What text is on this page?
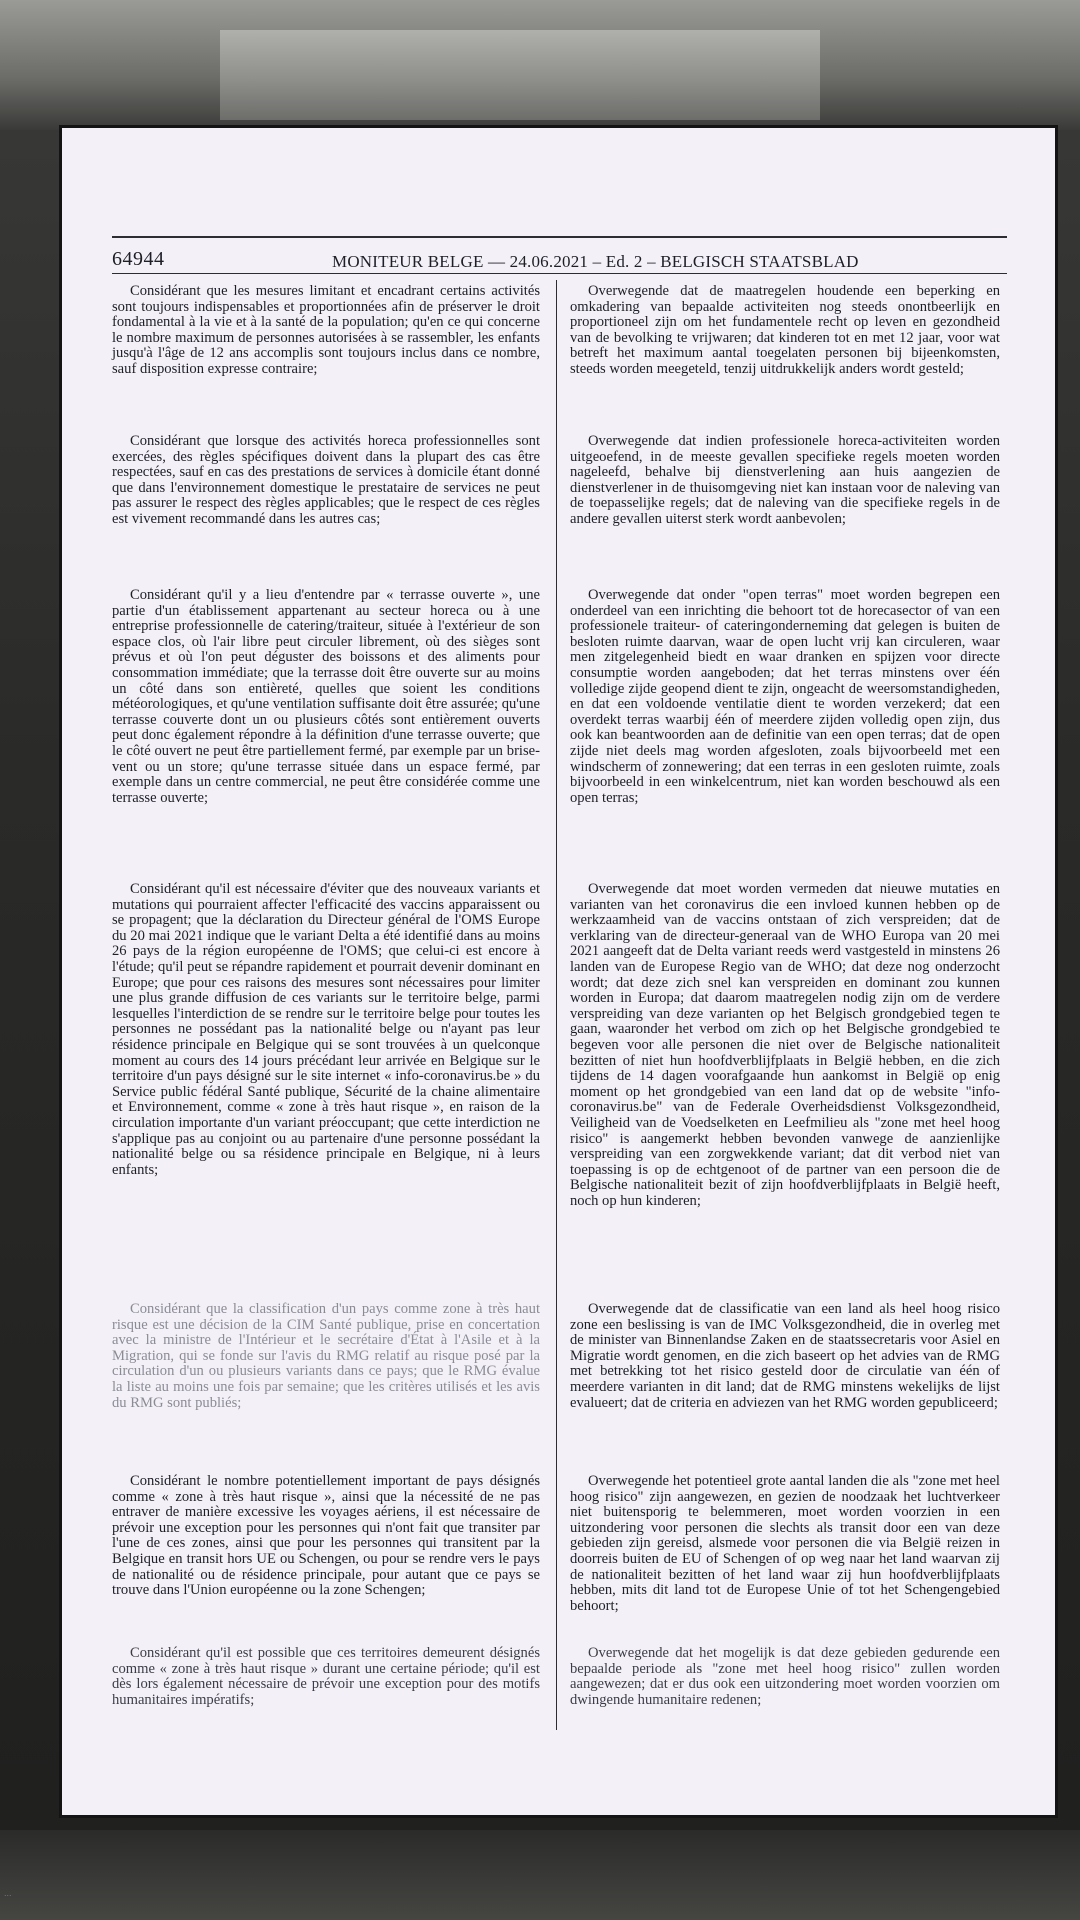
64944	MONITEUR BELGE — 24.06.2021 – Ed. 2 – BELGISCH STAATSBLAD

Considérant que les mesures limitant et encadrant certains activités sont toujours indispensables et proportionnées afin de préserver le droit fondamental à la vie et à la santé de la population; qu'en ce qui concerne le nombre maximum de personnes autorisées à se rassembler, les enfants jusqu'à l'âge de 12 ans accomplis sont toujours inclus dans ce nombre, sauf disposition expresse contraire;

Considérant que lorsque des activités horeca professionnelles sont exercées, des règles spécifiques doivent dans la plupart des cas être respectées, sauf en cas des prestations de services à domicile étant donné que dans l'environnement domestique le prestataire de services ne peut pas assurer le respect des règles applicables; que le respect de ces règles est vivement recommandé dans les autres cas;

Considérant qu'il y a lieu d'entendre par « terrasse ouverte », une partie d'un établissement appartenant au secteur horeca ou à une entreprise professionnelle de catering/traiteur, située à l'extérieur de son espace clos, où l'air libre peut circuler librement, où des sièges sont prévus et où l'on peut déguster des boissons et des aliments pour consommation immédiate; que la terrasse doit être ouverte sur au moins un côté dans son entièreté, quelles que soient les conditions météorologiques, et qu'une ventilation suffisante doit être assurée; qu'une terrasse couverte dont un ou plusieurs côtés sont entièrement ouverts peut donc également répondre à la définition d'une terrasse ouverte; que le côté ouvert ne peut être partiellement fermé, par exemple par un brise-vent ou un store; qu'une terrasse située dans un espace fermé, par exemple dans un centre commercial, ne peut être considérée comme une terrasse ouverte;

Considérant qu'il est nécessaire d'éviter que des nouveaux variants et mutations qui pourraient affecter l'efficacité des vaccins apparaissent ou se propagent; que la déclaration du Directeur général de l'OMS Europe du 20 mai 2021 indique que le variant Delta a été identifié dans au moins 26 pays de la région européenne de l'OMS; que celui-ci est encore à l'étude; qu'il peut se répandre rapidement et pourrait devenir dominant en Europe; que pour ces raisons des mesures sont nécessaires pour limiter une plus grande diffusion de ces variants sur le territoire belge, parmi lesquelles l'interdiction de se rendre sur le territoire belge pour toutes les personnes ne possédant pas la nationalité belge ou n'ayant pas leur résidence principale en Belgique qui se sont trouvées à un quelconque moment au cours des 14 jours précédant leur arrivée en Belgique sur le territoire d'un pays désigné sur le site internet « info-coronavirus.be » du Service public fédéral Santé publique, Sécurité de la chaine alimentaire et Environnement, comme « zone à très haut risque », en raison de la circulation importante d'un variant préoccupant; que cette interdiction ne s'applique pas au conjoint ou au partenaire d'une personne possédant la nationalité belge ou sa résidence principale en Belgique, ni à leurs enfants;

Considérant que la classification d'un pays comme zone à très haut risque est une décision de la CIM Santé publique, prise en concertation avec la ministre de l'Intérieur et le secrétaire d'État à l'Asile et à la Migration, qui se fonde sur l'avis du RMG relatif au risque posé par la circulation d'un ou plusieurs variants dans ce pays; que le RMG évalue la liste au moins une fois par semaine; que les critères utilisés et les avis du RMG sont publiés;

Considérant le nombre potentiellement important de pays désignés comme « zone à très haut risque », ainsi que la nécessité de ne pas entraver de manière excessive les voyages aériens, il est nécessaire de prévoir une exception pour les personnes qui n'ont fait que transiter par l'une de ces zones, ainsi que pour les personnes qui transitent par la Belgique en transit hors UE ou Schengen, ou pour se rendre vers le pays de nationalité ou de résidence principale, pour autant que ce pays se trouve dans l'Union européenne ou la zone Schengen;

Considérant qu'il est possible que ces territoires demeurent désignés comme « zone à très haut risque » durant une certaine période; qu'il est dès lors également nécessaire de prévoir une exception pour des motifs humanitaires impératifs;

Overwegende dat de maatregelen houdende een beperking en omkadering van bepaalde activiteiten nog steeds onontbeerlijk en proportioneel zijn om het fundamentele recht op leven en gezondheid van de bevolking te vrijwaren; dat kinderen tot en met 12 jaar, voor wat betreft het maximum aantal toegelaten personen bij bijeenkomsten, steeds worden meegeteld, tenzij uitdrukkelijk anders wordt gesteld;

Overwegende dat indien professionele horeca-activiteiten worden uitgeoefend, in de meeste gevallen specifieke regels moeten worden nageleefd, behalve bij dienstverlening aan huis aangezien de dienstverlener in de thuisomgeving niet kan instaan voor de naleving van de toepasselijke regels; dat de naleving van die specifieke regels in de andere gevallen uiterst sterk wordt aanbevolen;

Overwegende dat onder "open terras" moet worden begrepen een onderdeel van een inrichting die behoort tot de horecasector of van een professionele traiteur- of cateringonderneming dat gelegen is buiten de besloten ruimte daarvan, waar de open lucht vrij kan circuleren, waar men zitgelegenheid biedt en waar dranken en spijzen voor directe consumptie worden aangeboden; dat het terras minstens over één volledige zijde geopend dient te zijn, ongeacht de weersomstandigheden, en dat een voldoende ventilatie dient te worden verzekerd; dat een overdekt terras waarbij één of meerdere zijden volledig open zijn, dus ook kan beantwoorden aan de definitie van een open terras; dat de open zijde niet deels mag worden afgesloten, zoals bijvoorbeeld met een windscherm of zonnewering; dat een terras in een gesloten ruimte, zoals bijvoorbeeld in een winkelcentrum, niet kan worden beschouwd als een open terras;

Overwegende dat moet worden vermeden dat nieuwe mutaties en varianten van het coronavirus die een invloed kunnen hebben op de werkzaamheid van de vaccins ontstaan of zich verspreiden; dat de verklaring van de directeur-generaal van de WHO Europa van 20 mei 2021 aangeeft dat de Delta variant reeds werd vastgesteld in minstens 26 landen van de Europese Regio van de WHO; dat deze nog onderzocht wordt; dat deze zich snel kan verspreiden en dominant zou kunnen worden in Europa; dat daarom maatregelen nodig zijn om de verdere verspreiding van deze varianten op het Belgisch grondgebied tegen te gaan, waaronder het verbod om zich op het Belgische grondgebied te begeven voor alle personen die niet over de Belgische nationaliteit bezitten of niet hun hoofdverblijfplaats in België hebben, en die zich tijdens de 14 dagen voorafgaande hun aankomst in België op enig moment op het grondgebied van een land dat op de website "info-coronavirus.be" van de Federale Overheidsdienst Volksgezondheid, Veiligheid van de Voedselketen en Leefmilieu als "zone met heel hoog risico" is aangemerkt hebben bevonden vanwege de aanzienlijke verspreiding van een zorgwekkende variant; dat dit verbod niet van toepassing is op de echtgenoot of de partner van een persoon die de Belgische nationaliteit bezit of zijn hoofdverblijfplaats in België heeft, noch op hun kinderen;

Overwegende dat de classificatie van een land als heel hoog risico zone een beslissing is van de IMC Volksgezondheid, die in overleg met de minister van Binnenlandse Zaken en de staatssecretaris voor Asiel en Migratie wordt genomen, en die zich baseert op het advies van de RMG met betrekking tot het risico gesteld door de circulatie van één of meerdere varianten in dit land; dat de RMG minstens wekelijks de lijst evalueert; dat de criteria en adviezen van het RMG worden gepubliceerd;

Overwegende het potentieel grote aantal landen die als "zone met heel hoog risico" zijn aangewezen, en gezien de noodzaak het luchtverkeer niet buitensporig te belemmeren, moet worden voorzien in een uitzondering voor personen die slechts als transit door een van deze gebieden zijn gereisd, alsmede voor personen die via België reizen in doorreis buiten de EU of Schengen of op weg naar het land waarvan zij de nationaliteit bezitten of het land waar zij hun hoofdverblijfplaats hebben, mits dit land tot de Europese Unie of tot het Schengengebied behoort;

Overwegende dat het mogelijk is dat deze gebieden gedurende een bepaalde periode als "zone met heel hoog risico" zullen worden aangewezen; dat er dus ook een uitzondering moet worden voorzien om dwingende humanitaire redenen;

...
